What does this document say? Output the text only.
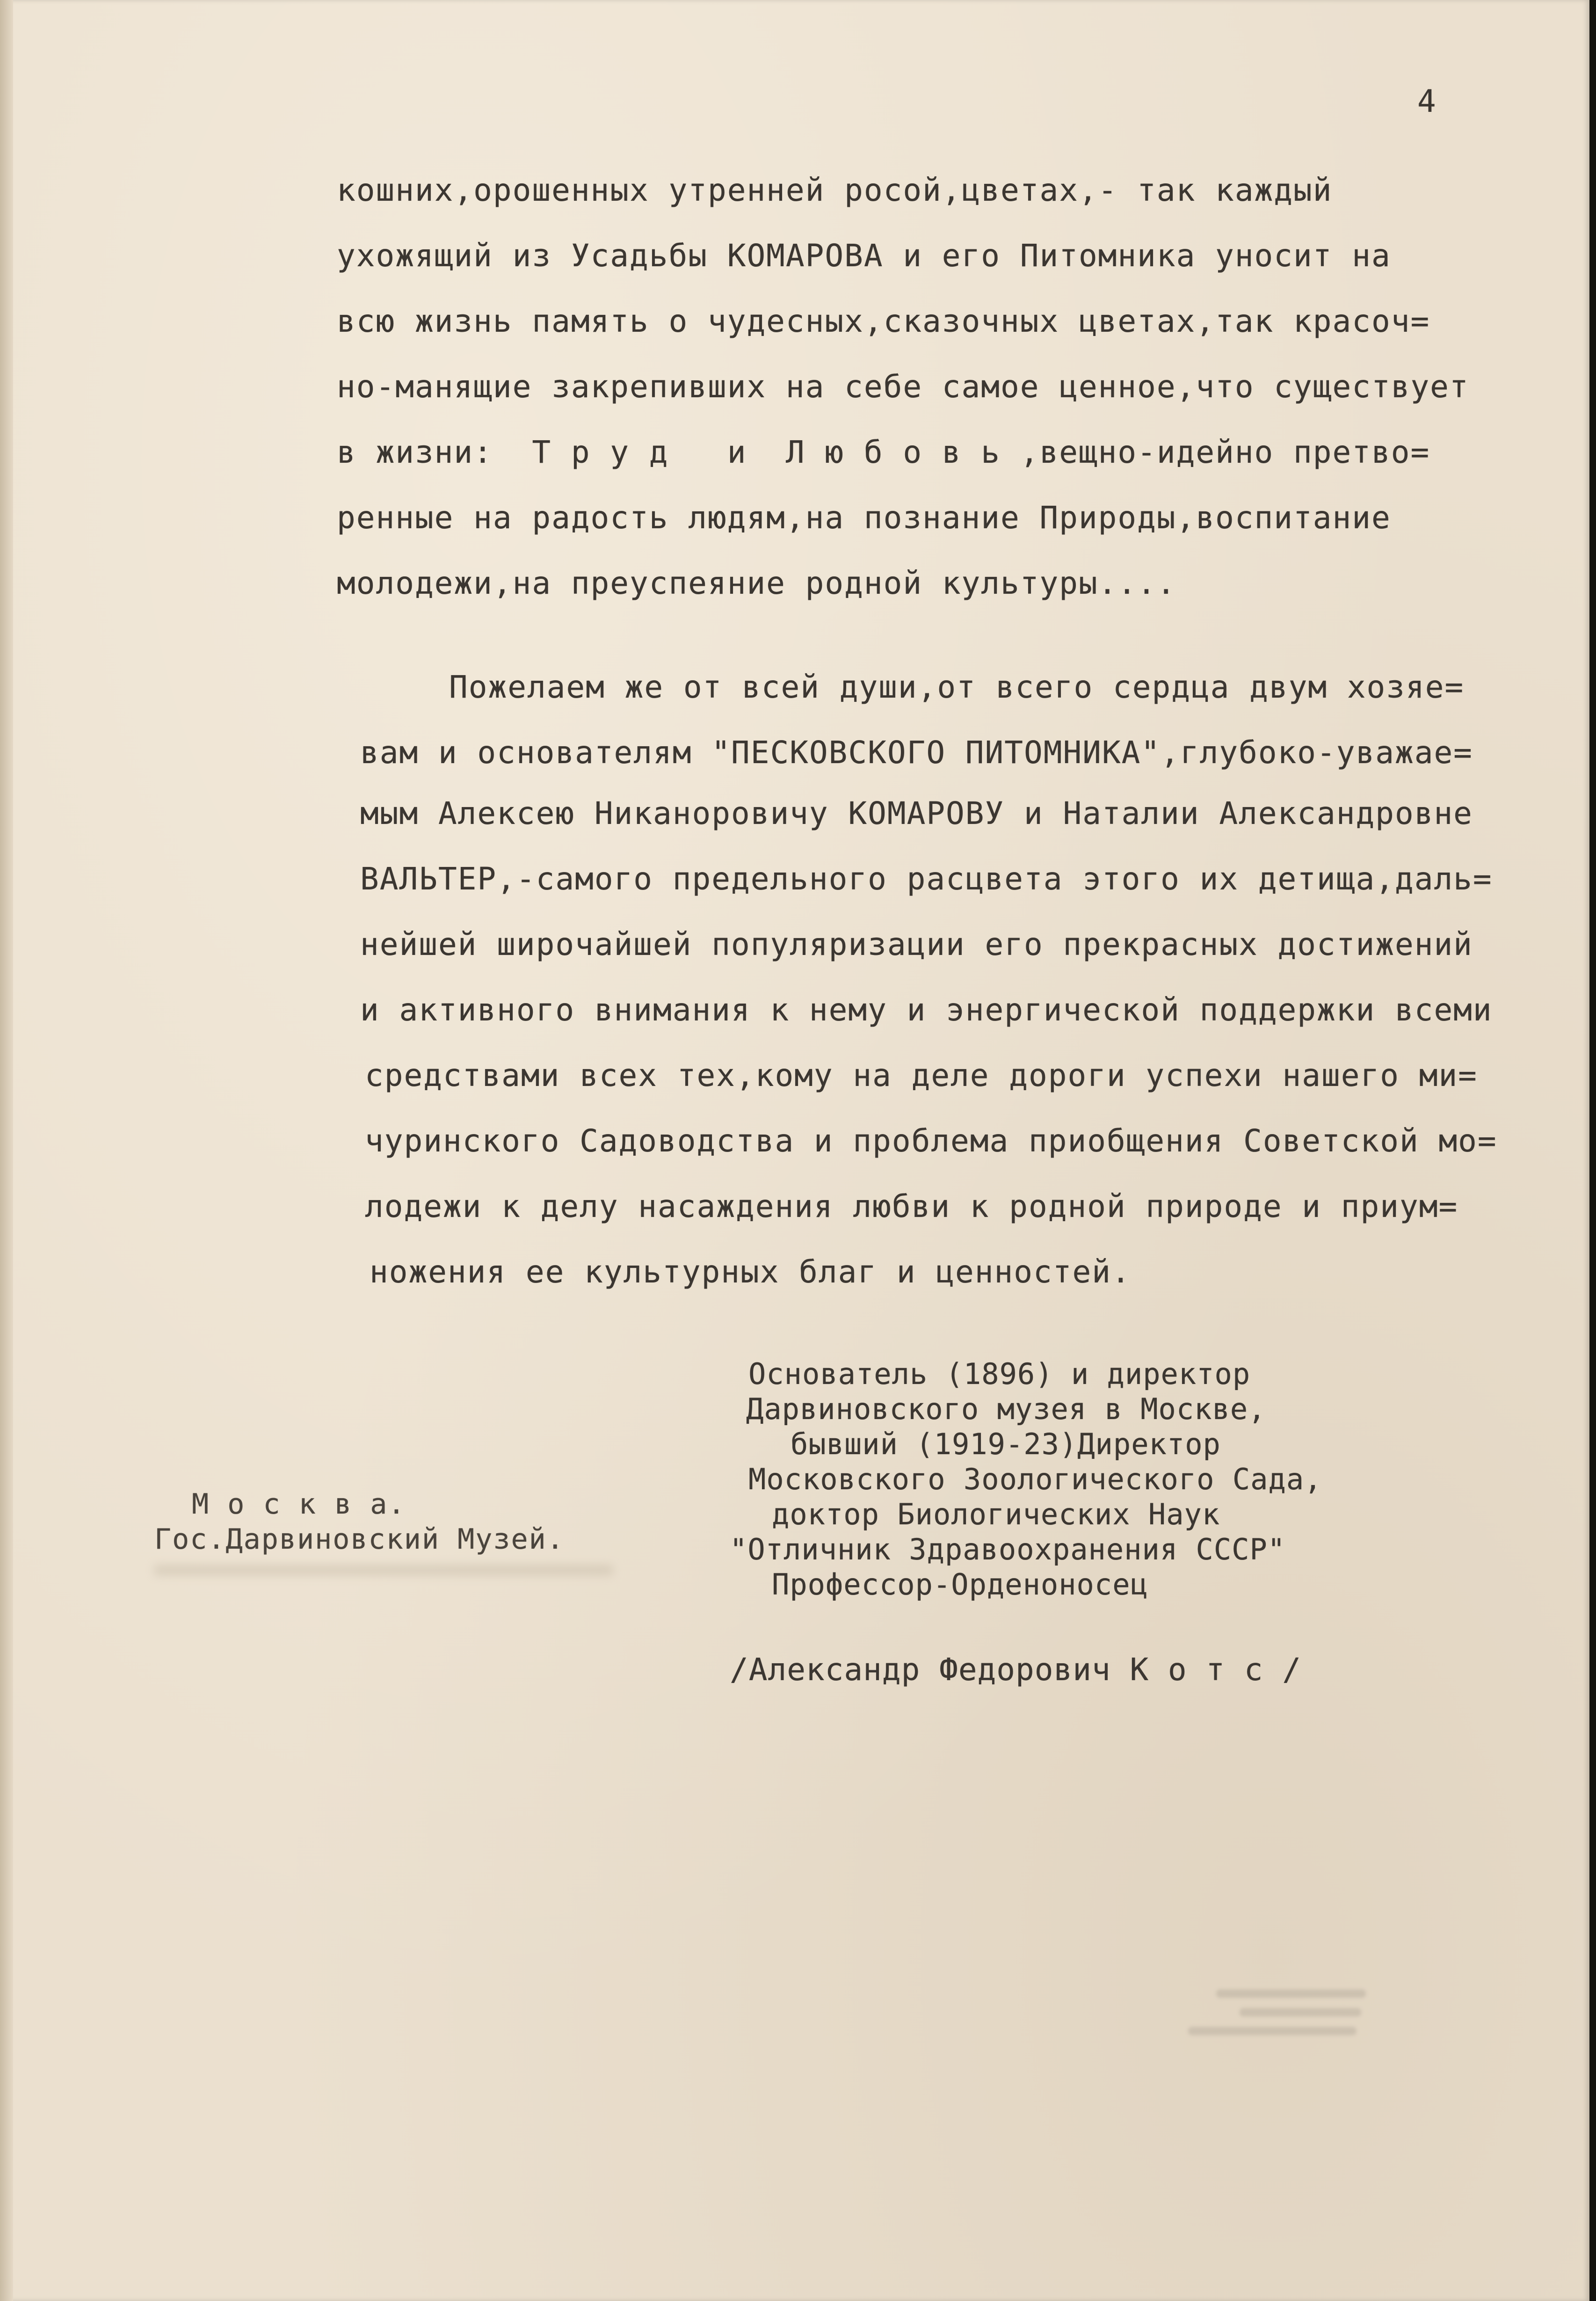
4
кошних,орошенных утренней росой,цветах,- так каждый
ухожящий из Усадьбы КОМАРОВА и его Питомника уносит на
всю жизнь память о чудесных,сказочных цветах,так красоч=
но-манящие закрепивших на себе самое ценное,что существует
в жизни:  Т р у д   и  Л ю б о в ь ,вещно-идейно претво=
ренные на радость людям,на познание Природы,воспитание
молодежи,на преуспеяние родной культуры....
Пожелаем же от всей души,от всего сердца двум хозяе=
вам и основателям "ПЕСКОВСКОГО ПИТОМНИКА",глубоко-уважае=
мым Алексею Никаноровичу КОМАРОВУ и Наталии Александровне
ВАЛЬТЕР,-самого предельного расцвета этого их детища,даль=
нейшей широчайшей популяризации его прекрасных достижений
и активного внимания к нему и энергической поддержки всеми
средствами всех тех,кому на деле дороги успехи нашего ми=
чуринского Садоводства и проблема приобщения Советской мо=
лодежи к делу насаждения любви к родной природе и приум=
ножения ее культурных благ и ценностей.
Основатель (1896) и директор
Дарвиновского музея в Москве,
бывший (1919-23)Директор
Московского Зоологического Сада,
доктор Биологических Наук
"Отличник Здравоохранения СССР"
Профессор-Орденоносец
М о с к в а.
Гос.Дарвиновский Музей.
/Александр Федорович К о т с /
